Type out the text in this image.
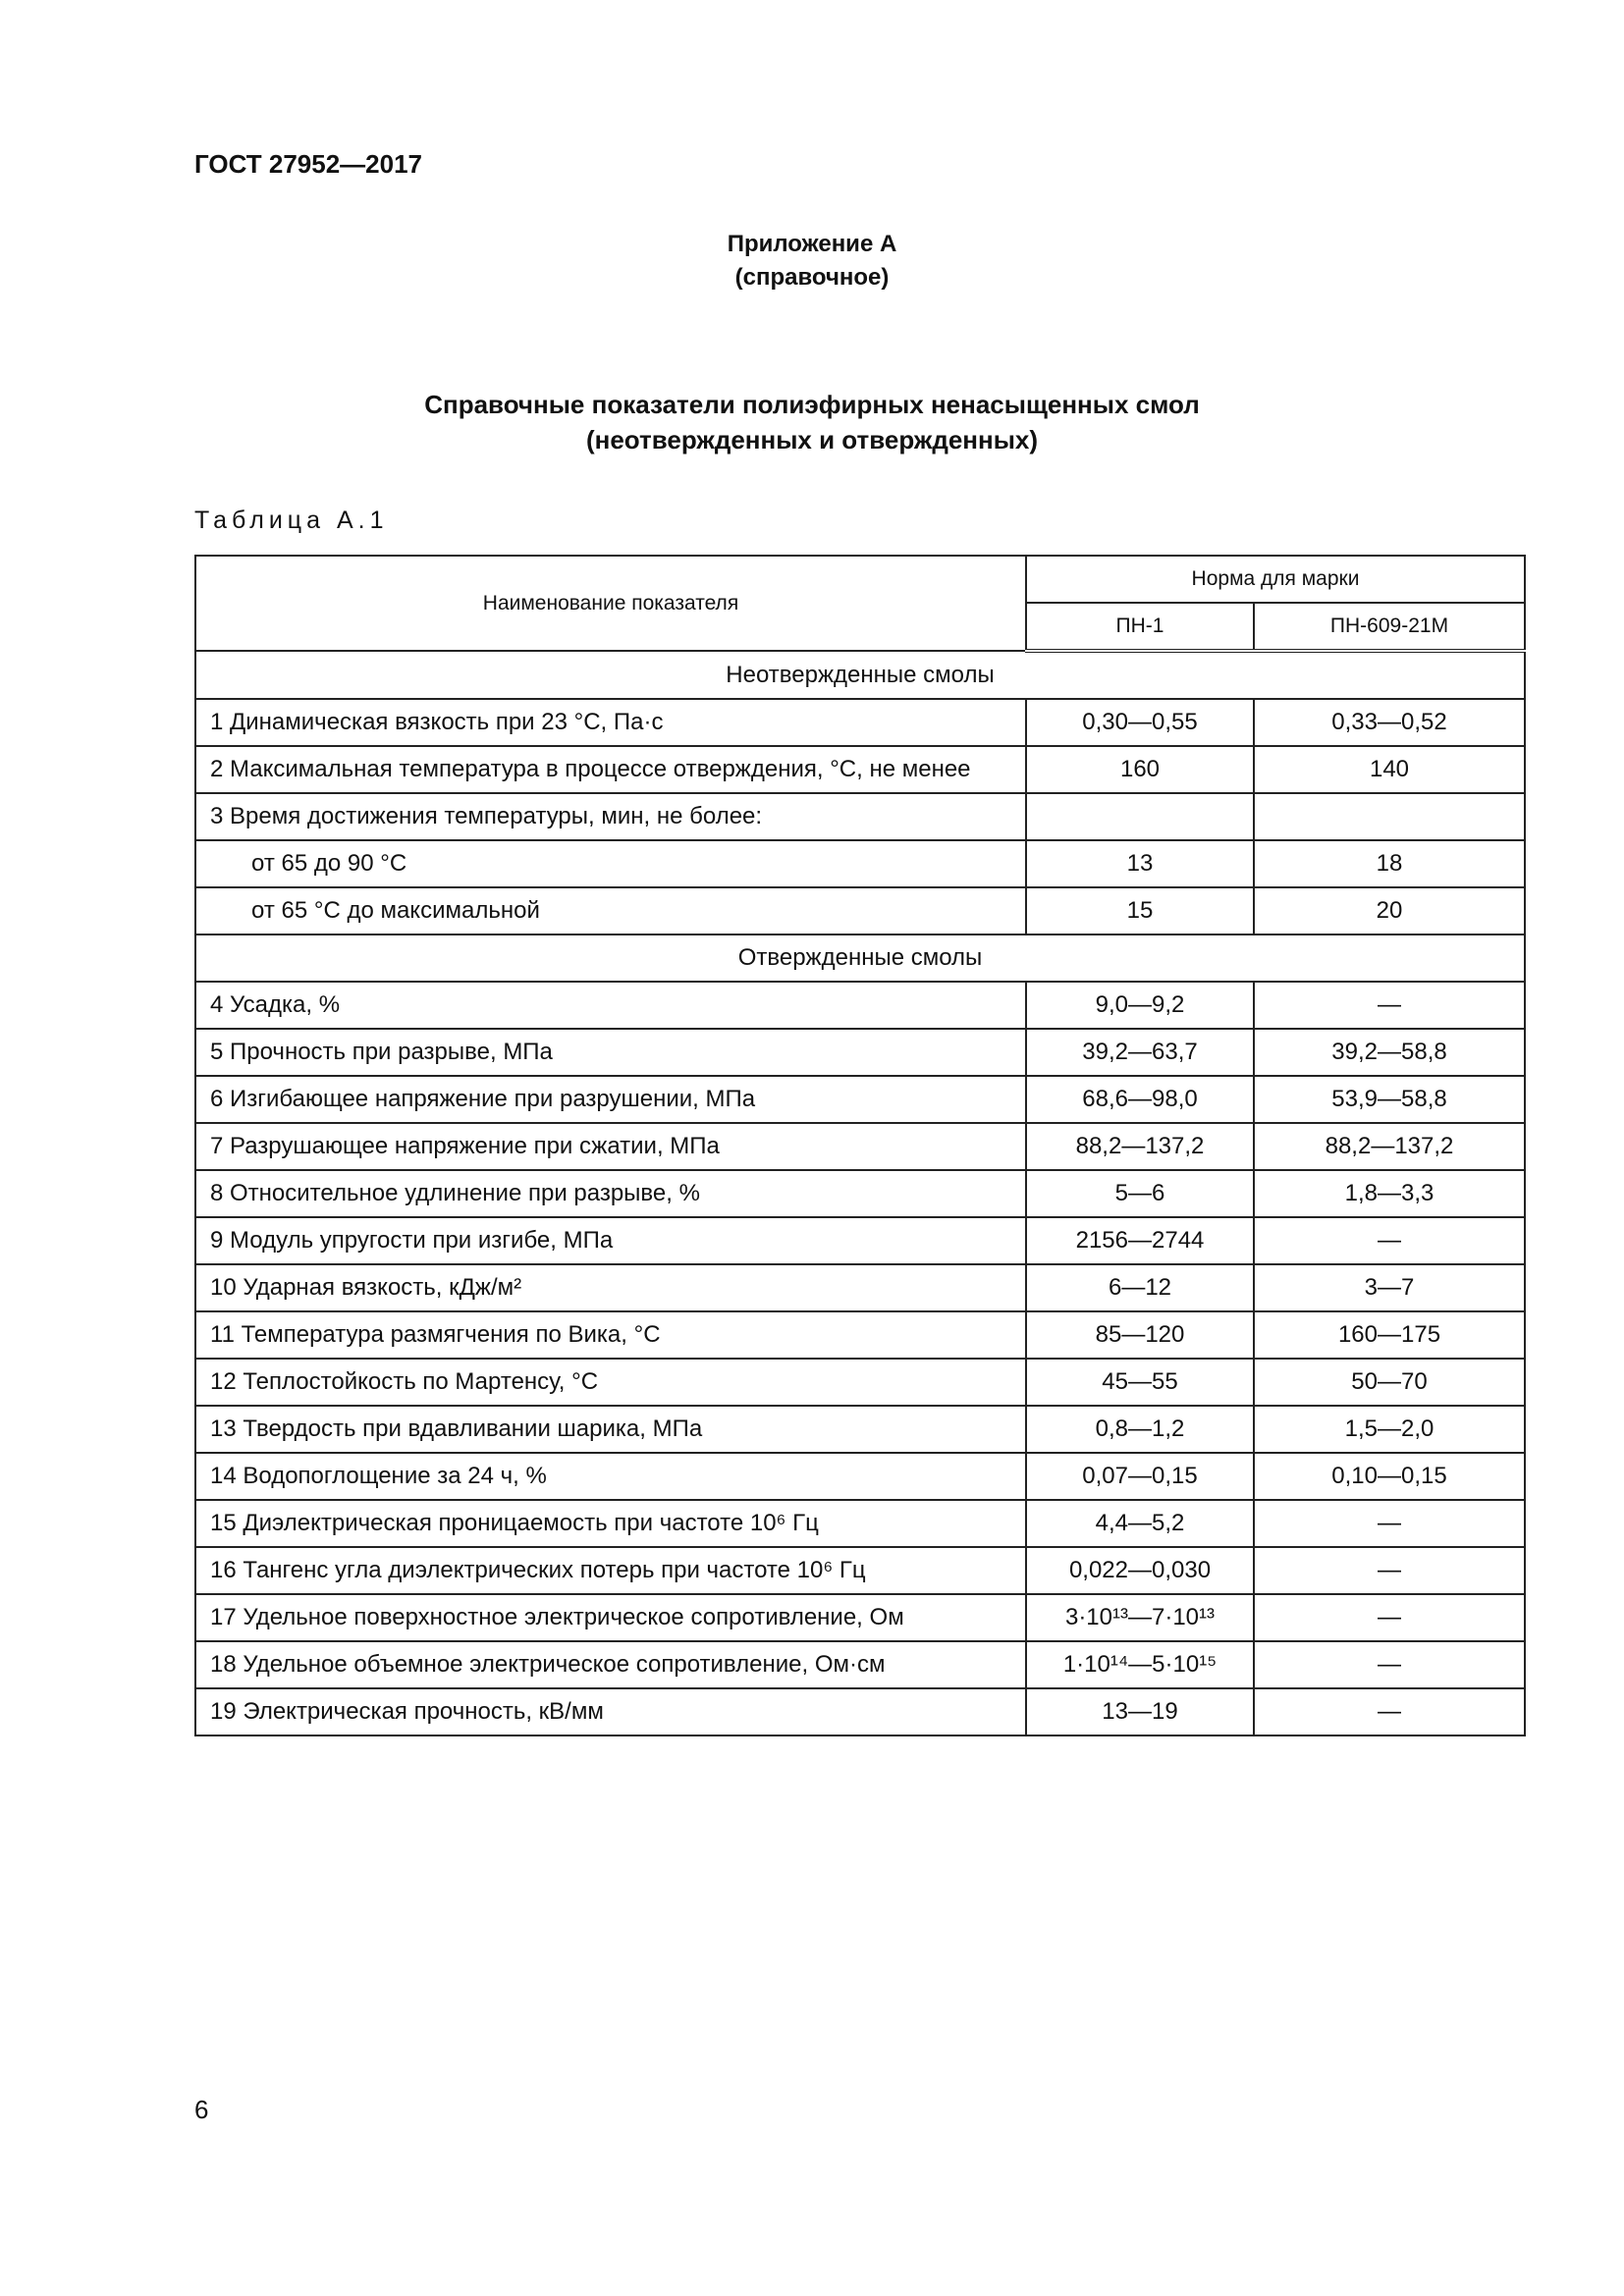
ГОСТ 27952—2017
Приложение А
(справочное)
Справочные показатели полиэфирных ненасыщенных смол
(неотвержденных и отвержденных)
Таблица А.1
Наименование показателя	Норма для марки	
	ПН-1	ПН-609-21М
Неотвержденные смолы		
1 Динамическая вязкость при 23 °С, Па·с	0,30—0,55	0,33—0,52
2 Максимальная температура в процессе отверждения, °С, не менее	160	140
3 Время достижения температуры, мин, не более:		
от 65 до 90 °С	13	18
от 65 °С до максимальной	15	20
Отвержденные смолы		
4 Усадка, %	9,0—9,2	—
5 Прочность при разрыве, МПа	39,2—63,7	39,2—58,8
6 Изгибающее напряжение при разрушении, МПа	68,6—98,0	53,9—58,8
7 Разрушающее напряжение при сжатии, МПа	88,2—137,2	88,2—137,2
8 Относительное удлинение при разрыве, %	5—6	1,8—3,3
9 Модуль упругости при изгибе, МПа	2156—2744	—
10 Ударная вязкость, кДж/м²	6—12	3—7
11 Температура размягчения по Вика, °С	85—120	160—175
12 Теплостойкость по Мартенсу, °С	45—55	50—70
13 Твердость при вдавливании шарика, МПа	0,8—1,2	1,5—2,0
14 Водопоглощение за 24 ч, %	0,07—0,15	0,10—0,15
15 Диэлектрическая проницаемость при частоте 10⁶ Гц	4,4—5,2	—
16 Тангенс угла диэлектрических потерь при частоте 10⁶ Гц	0,022—0,030	—
17 Удельное поверхностное электрическое сопротивление, Ом	3·10¹³—7·10¹³	—
18 Удельное объемное электрическое сопротивление, Ом·см	1·10¹⁴—5·10¹⁵	—
19 Электрическая прочность, кВ/мм	13—19	—
6
